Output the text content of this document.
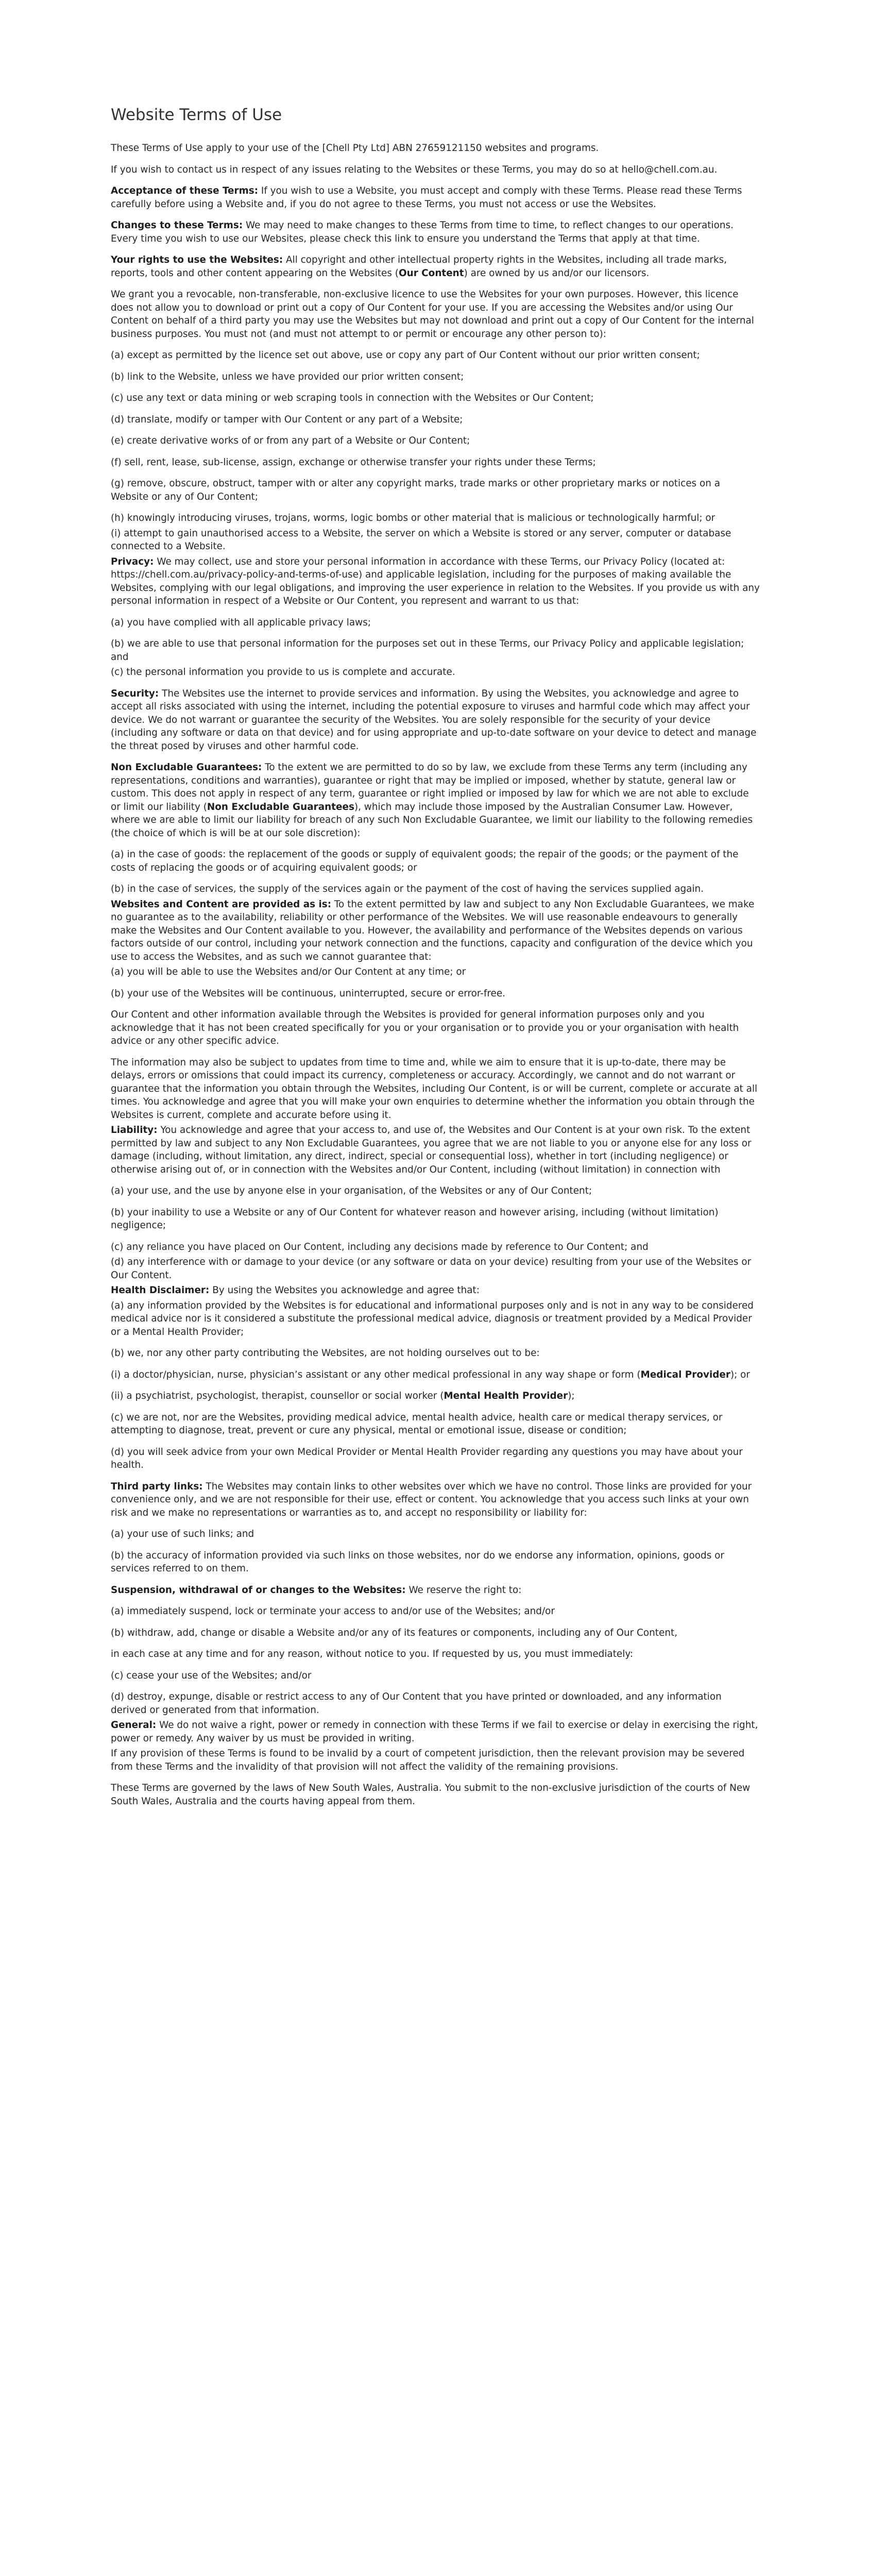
Website Terms of Use

These Terms of Use apply to your use of the [Chell Pty Ltd] ABN 27659121150 websites and programs.

If you wish to contact us in respect of any issues relating to the Websites or these Terms, you may do so at hello@chell.com.au.

Acceptance of these Terms: If you wish to use a Website, you must accept and comply with these Terms. Please read these Terms carefully before using a Website and, if you do not agree to these Terms, you must not access or use the Websites.

Changes to these Terms: We may need to make changes to these Terms from time to time, to reflect changes to our operations. Every time you wish to use our Websites, please check this link to ensure you understand the Terms that apply at that time.

Your rights to use the Websites: All copyright and other intellectual property rights in the Websites, including all trade marks, reports, tools and other content appearing on the Websites (Our Content) are owned by us and/or our licensors.

We grant you a revocable, non-transferable, non-exclusive licence to use the Websites for your own purposes. However, this licence does not allow you to download or print out a copy of Our Content for your use. If you are accessing the Websites and/or using Our Content on behalf of a third party you may use the Websites but may not download and print out a copy of Our Content for the internal business purposes. You must not (and must not attempt to or permit or encourage any other person to):

(a) except as permitted by the licence set out above, use or copy any part of Our Content without our prior written consent;

(b) link to the Website, unless we have provided our prior written consent;

(c) use any text or data mining or web scraping tools in connection with the Websites or Our Content;

(d) translate, modify or tamper with Our Content or any part of a Website;

(e) create derivative works of or from any part of a Website or Our Content;

(f) sell, rent, lease, sub-license, assign, exchange or otherwise transfer your rights under these Terms;

(g) remove, obscure, obstruct, tamper with or alter any copyright marks, trade marks or other proprietary marks or notices on a Website or any of Our Content;

(h) knowingly introducing viruses, trojans, worms, logic bombs or other material that is malicious or technologically harmful; or

(i) attempt to gain unauthorised access to a Website, the server on which a Website is stored or any server, computer or database connected to a Website.

Privacy: We may collect, use and store your personal information in accordance with these Terms, our Privacy Policy (located at: https://chell.com.au/privacy-policy-and-terms-of-use) and applicable legislation, including for the purposes of making available the Websites, complying with our legal obligations, and improving the user experience in relation to the Websites. If you provide us with any personal information in respect of a Website or Our Content, you represent and warrant to us that:

(a) you have complied with all applicable privacy laws;

(b) we are able to use that personal information for the purposes set out in these Terms, our Privacy Policy and applicable legislation; and

(c) the personal information you provide to us is complete and accurate.

Security: The Websites use the internet to provide services and information. By using the Websites, you acknowledge and agree to accept all risks associated with using the internet, including the potential exposure to viruses and harmful code which may affect your device. We do not warrant or guarantee the security of the Websites. You are solely responsible for the security of your device (including any software or data on that device) and for using appropriate and up-to-date software on your device to detect and manage the threat posed by viruses and other harmful code.

Non Excludable Guarantees: To the extent we are permitted to do so by law, we exclude from these Terms any term (including any representations, conditions and warranties), guarantee or right that may be implied or imposed, whether by statute, general law or custom. This does not apply in respect of any term, guarantee or right implied or imposed by law for which we are not able to exclude or limit our liability (Non Excludable Guarantees), which may include those imposed by the Australian Consumer Law. However, where we are able to limit our liability for breach of any such Non Excludable Guarantee, we limit our liability to the following remedies (the choice of which is will be at our sole discretion):

(a) in the case of goods: the replacement of the goods or supply of equivalent goods; the repair of the goods; or the payment of the costs of replacing the goods or of acquiring equivalent goods; or

(b) in the case of services, the supply of the services again or the payment of the cost of having the services supplied again.

Websites and Content are provided as is: To the extent permitted by law and subject to any Non Excludable Guarantees, we make no guarantee as to the availability, reliability or other performance of the Websites. We will use reasonable endeavours to generally make the Websites and Our Content available to you. However, the availability and performance of the Websites depends on various factors outside of our control, including your network connection and the functions, capacity and configuration of the device which you use to access the Websites, and as such we cannot guarantee that:

(a) you will be able to use the Websites and/or Our Content at any time; or

(b) your use of the Websites will be continuous, uninterrupted, secure or error-free.

Our Content and other information available through the Websites is provided for general information purposes only and you acknowledge that it has not been created specifically for you or your organisation or to provide you or your organisation with health advice or any other specific advice.

The information may also be subject to updates from time to time and, while we aim to ensure that it is up-to-date, there may be delays, errors or omissions that could impact its currency, completeness or accuracy. Accordingly, we cannot and do not warrant or guarantee that the information you obtain through the Websites, including Our Content, is or will be current, complete or accurate at all times. You acknowledge and agree that you will make your own enquiries to determine whether the information you obtain through the Websites is current, complete and accurate before using it.

Liability: You acknowledge and agree that your access to, and use of, the Websites and Our Content is at your own risk. To the extent permitted by law and subject to any Non Excludable Guarantees, you agree that we are not liable to you or anyone else for any loss or damage (including, without limitation, any direct, indirect, special or consequential loss), whether in tort (including negligence) or otherwise arising out of, or in connection with the Websites and/or Our Content, including (without limitation) in connection with

(a) your use, and the use by anyone else in your organisation, of the Websites or any of Our Content;

(b) your inability to use a Website or any of Our Content for whatever reason and however arising, including (without limitation) negligence;

(c) any reliance you have placed on Our Content, including any decisions made by reference to Our Content; and

(d) any interference with or damage to your device (or any software or data on your device) resulting from your use of the Websites or Our Content.

Health Disclaimer: By using the Websites you acknowledge and agree that:

(a) any information provided by the Websites is for educational and informational purposes only and is not in any way to be considered medical advice nor is it considered a substitute the professional medical advice, diagnosis or treatment provided by a Medical Provider or a Mental Health Provider;

(b) we, nor any other party contributing the Websites, are not holding ourselves out to be:

(i) a doctor/physician, nurse, physician’s assistant or any other medical professional in any way shape or form (Medical Provider); or

(ii) a psychiatrist, psychologist, therapist, counsellor or social worker (Mental Health Provider);

(c) we are not, nor are the Websites, providing medical advice, mental health advice, health care or medical therapy services, or attempting to diagnose, treat, prevent or cure any physical, mental or emotional issue, disease or condition;

(d) you will seek advice from your own Medical Provider or Mental Health Provider regarding any questions you may have about your health.

Third party links: The Websites may contain links to other websites over which we have no control. Those links are provided for your convenience only, and we are not responsible for their use, effect or content. You acknowledge that you access such links at your own risk and we make no representations or warranties as to, and accept no responsibility or liability for:

(a) your use of such links; and

(b) the accuracy of information provided via such links on those websites, nor do we endorse any information, opinions, goods or services referred to on them.

Suspension, withdrawal of or changes to the Websites: We reserve the right to:

(a) immediately suspend, lock or terminate your access to and/or use of the Websites; and/or

(b) withdraw, add, change or disable a Website and/or any of its features or components, including any of Our Content,

in each case at any time and for any reason, without notice to you. If requested by us, you must immediately:

(c) cease your use of the Websites; and/or

(d) destroy, expunge, disable or restrict access to any of Our Content that you have printed or downloaded, and any information derived or generated from that information.

General: We do not waive a right, power or remedy in connection with these Terms if we fail to exercise or delay in exercising the right, power or remedy. Any waiver by us must be provided in writing.

If any provision of these Terms is found to be invalid by a court of competent jurisdiction, then the relevant provision may be severed from these Terms and the invalidity of that provision will not affect the validity of the remaining provisions.

These Terms are governed by the laws of New South Wales, Australia. You submit to the non-exclusive jurisdiction of the courts of New South Wales, Australia and the courts having appeal from them.
